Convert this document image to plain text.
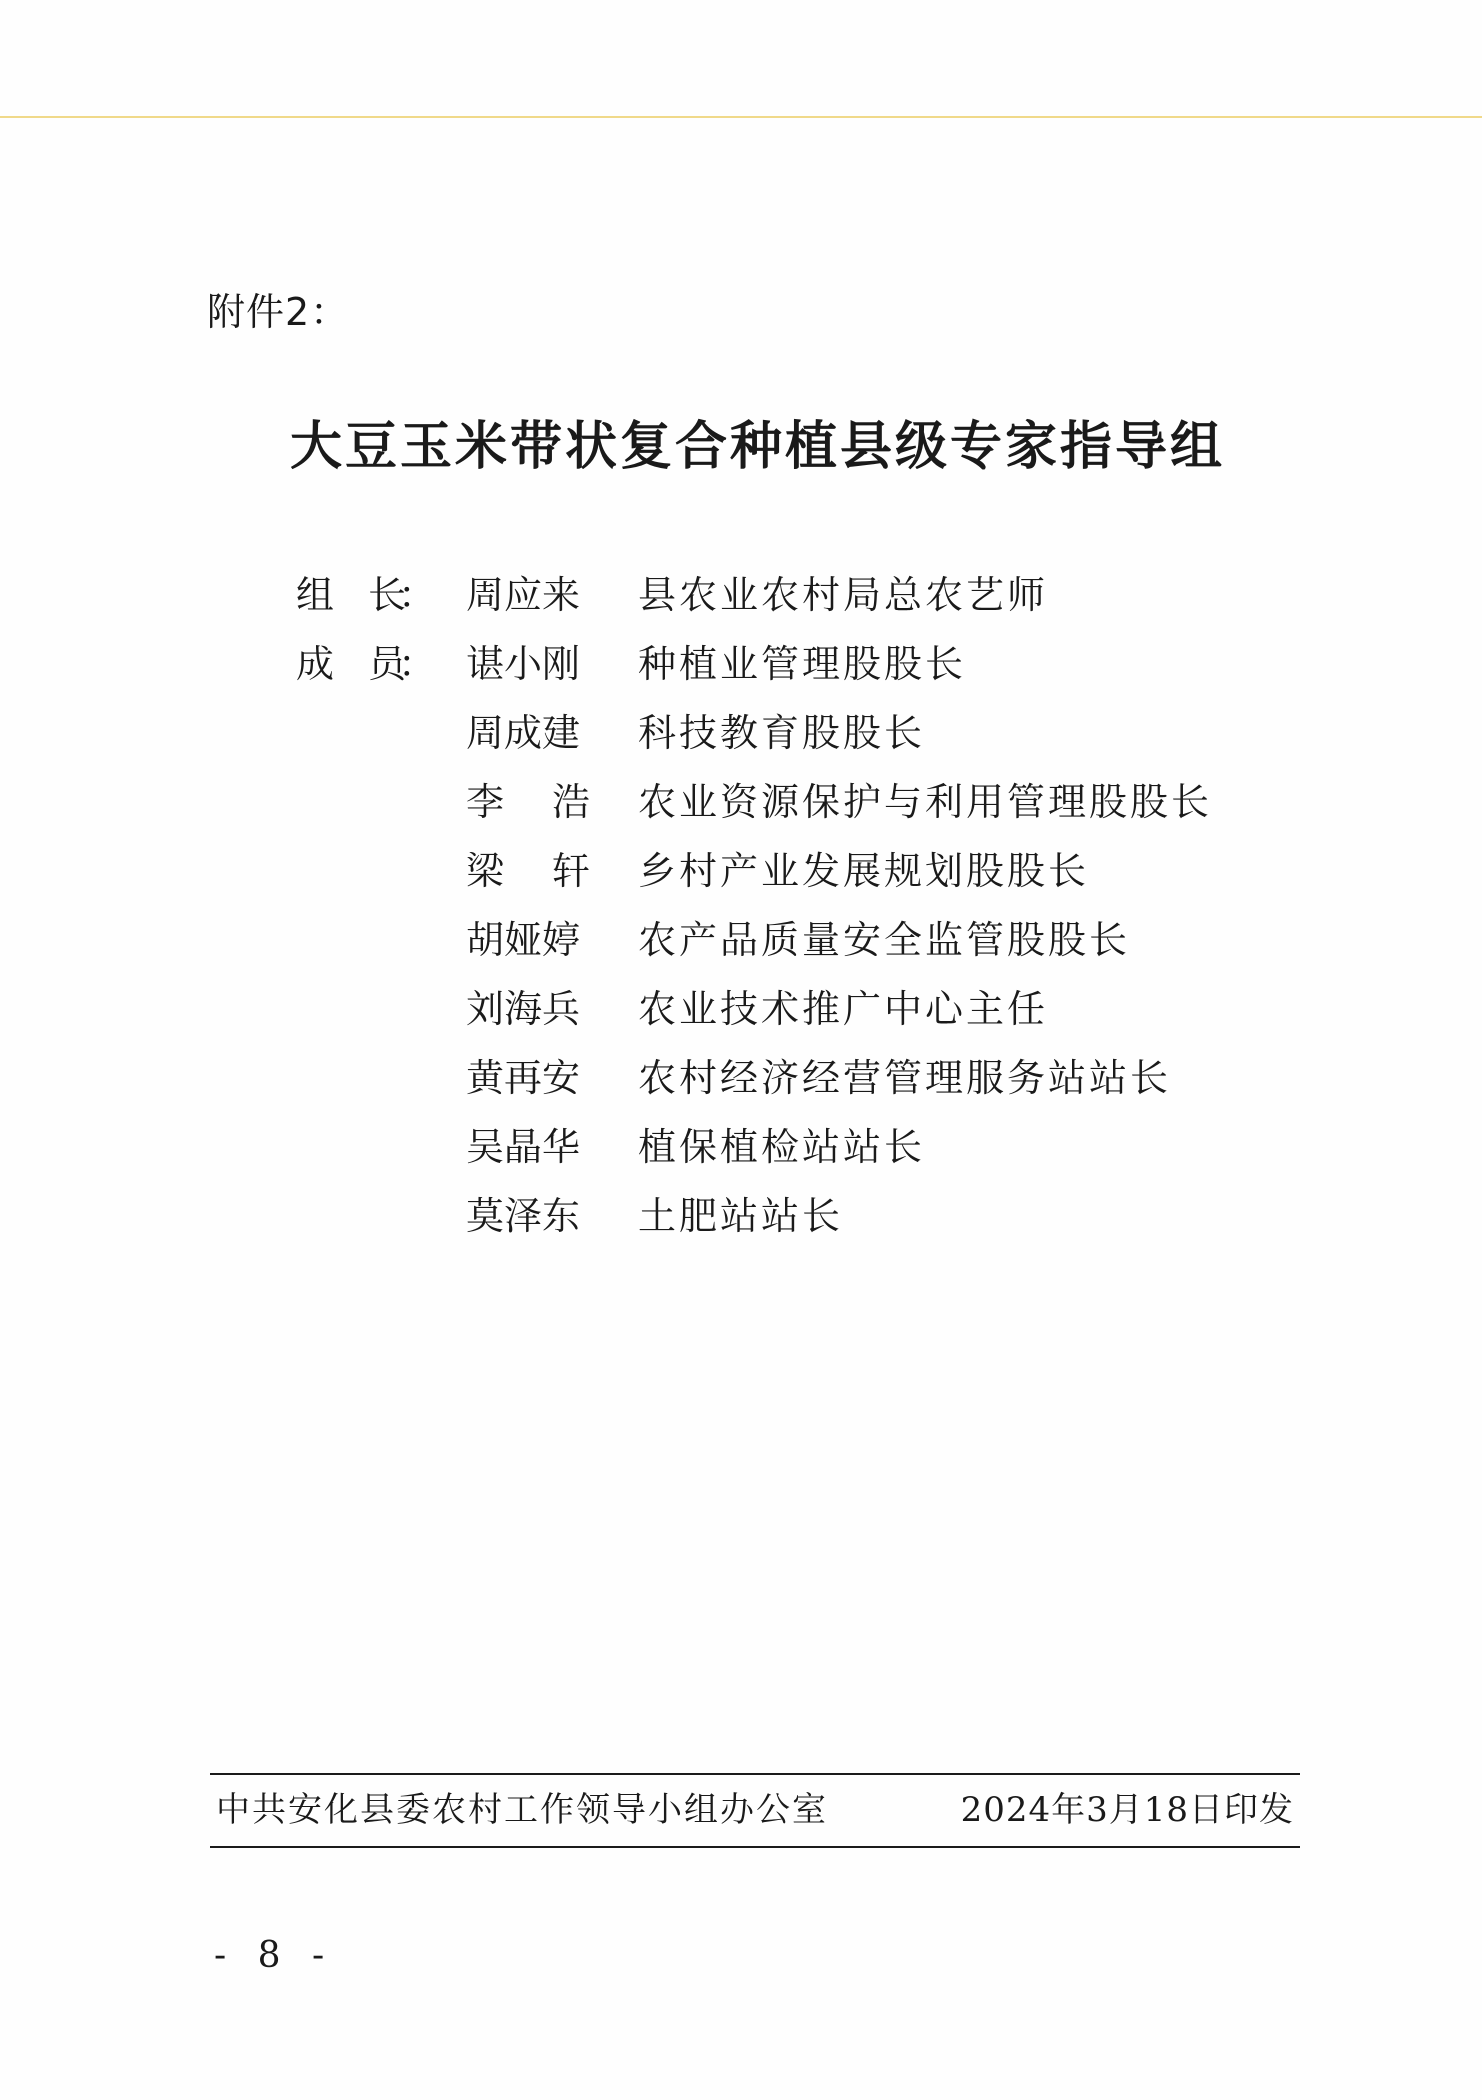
附件2：
大豆玉米带状复合种植县级专家指导组
组 长
： 周应来 县农业农村局总农艺师
成 员
： 谌小刚 种植业管理股股长
周成建 科技教育股股长
李 浩 农业资源保护与利用管理股股长
梁 轩 乡村产业发展规划股股长
胡娅婷 农产品质量安全监管股股长
刘海兵 农业技术推广中心主任
黄再安 农村经济经营管理服务站站长
吴晶华 植保植检站站长
莫泽东 土肥站站长
中共安化县委农村工作领导小组办公室	2024年3月18日印发
- 8 -
